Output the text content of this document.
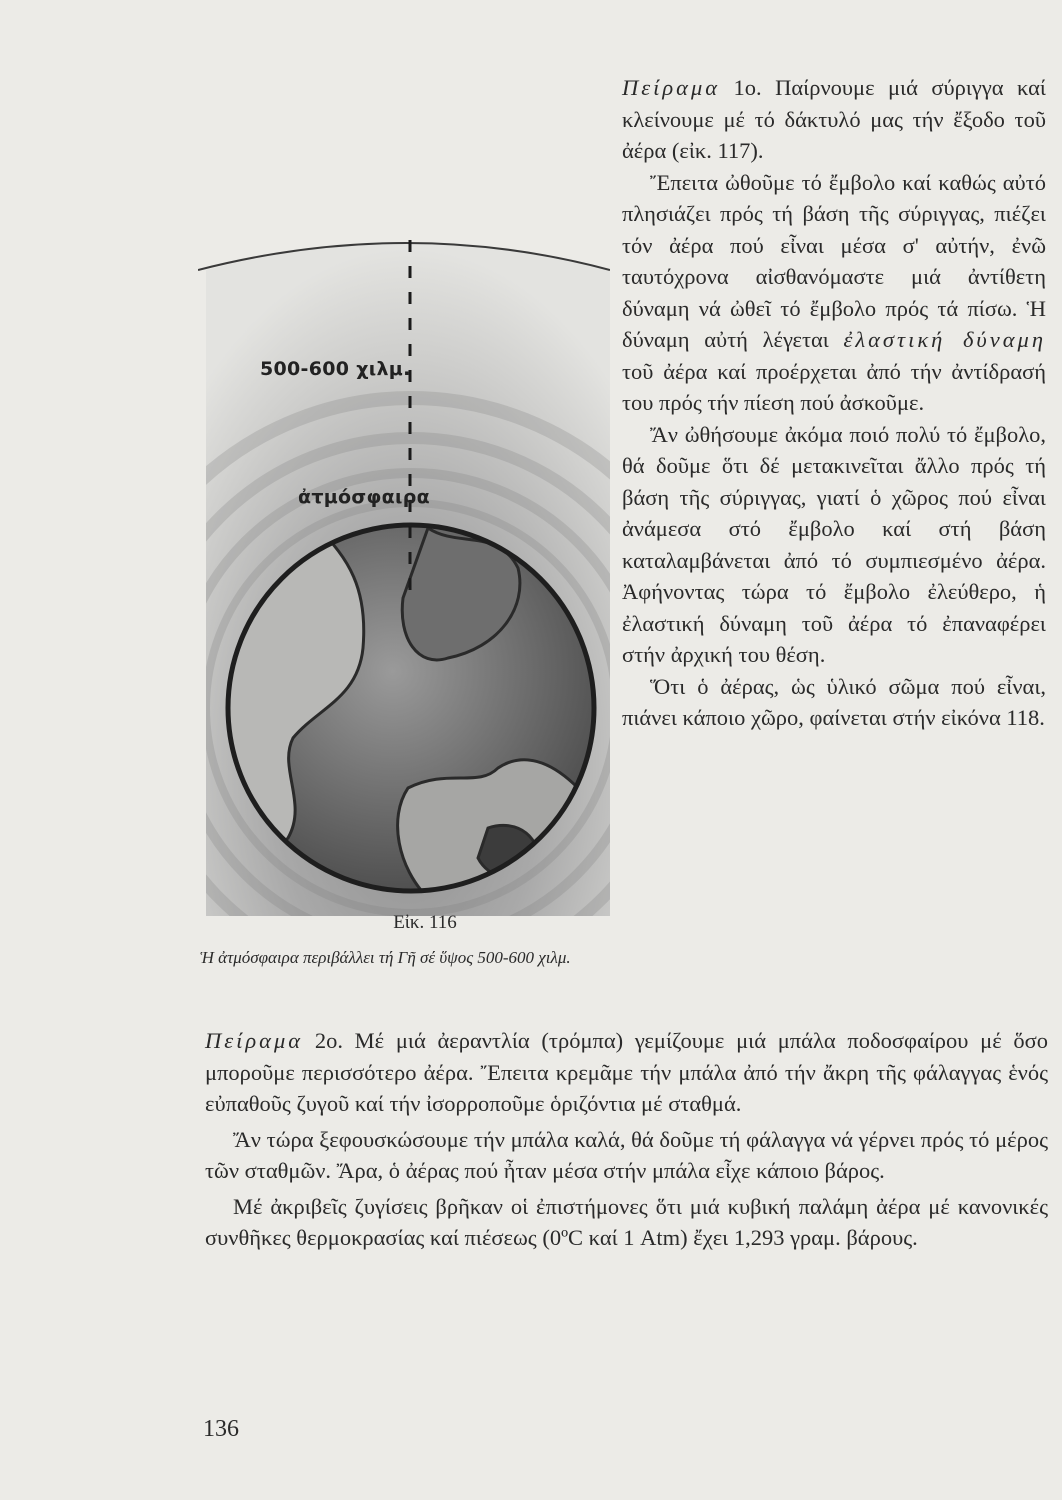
500-600 χιλμ.
ἀτμόσφαιρα
Εἰκ. 116
Ἡ ἀτμόσφαιρα περιβάλλει τή Γῆ σέ ὕψος 500-600 χιλμ.

Πείραμα 1ο. Παίρνουμε μιά σύριγγα καί κλείνουμε μέ τό δάκτυλό μας τήν ἔξοδο τοῦ ἀέρα (εἰκ. 117).

Ἔπειτα ὠθοῦμε τό ἔμβολο καί καθώς αὐτό πλησιάζει πρός τή βάση τῆς σύριγγας, πιέζει τόν ἀέρα πού εἶναι μέσα σ' αὐτήν, ἐνῶ ταυτόχρονα αἰσθανόμαστε μιά ἀντίθετη δύναμη νά ὠθεῖ τό ἔμβολο πρός τά πίσω. Ἡ δύναμη αὐτή λέγεται ἐλαστική δύναμη τοῦ ἀέρα καί προέρχεται ἀπό τήν ἀντίδρασή του πρός τήν πίεση πού ἀσκοῦμε.

Ἄν ὠθήσουμε ἀκόμα ποιό πολύ τό ἔμβολο, θά δοῦμε ὅτι δέ μετακινεῖται ἄλλο πρός τή βάση τῆς σύριγγας, γιατί ὁ χῶρος πού εἶναι ἀνάμεσα στό ἔμβολο καί στή βάση καταλαμβάνεται ἀπό τό συμπιεσμένο ἀέρα. Ἀφήνοντας τώρα τό ἔμβολο ἐλεύθερο, ἡ ἐλαστική δύναμη τοῦ ἀέρα τό ἐπαναφέρει στήν ἀρχική του θέση.

Ὅτι ὁ ἀέρας, ὡς ὑλικό σῶμα πού εἶναι, πιάνει κάποιο χῶρο, φαίνεται στήν εἰκόνα 118.

Πείραμα 2ο. Μέ μιά ἀεραντλία (τρόμπα) γεμίζουμε μιά μπάλα ποδοσφαίρου μέ ὅσο μποροῦμε περισσότερο ἀέρα. Ἔπειτα κρεμᾶμε τήν μπάλα ἀπό τήν ἄκρη τῆς φάλαγγας ἑνός εὐπαθοῦς ζυγοῦ καί τήν ἰσορροποῦμε ὁριζόντια μέ σταθμά.

Ἄν τώρα ξεφουσκώσουμε τήν μπάλα καλά, θά δοῦμε τή φάλαγγα νά γέρνει πρός τό μέρος τῶν σταθμῶν. Ἄρα, ὁ ἀέρας πού ἦταν μέσα στήν μπάλα εἶχε κάποιο βάρος.

Μέ ἀκριβεῖς ζυγίσεις βρῆκαν οἱ ἐπιστήμονες ὅτι μιά κυβική παλάμη ἀέρα μέ κανονικές συνθῆκες θερμοκρασίας καί πιέσεως (0ºC καί 1 Atm) ἔχει 1,293 γραμ. βάρους.

136
